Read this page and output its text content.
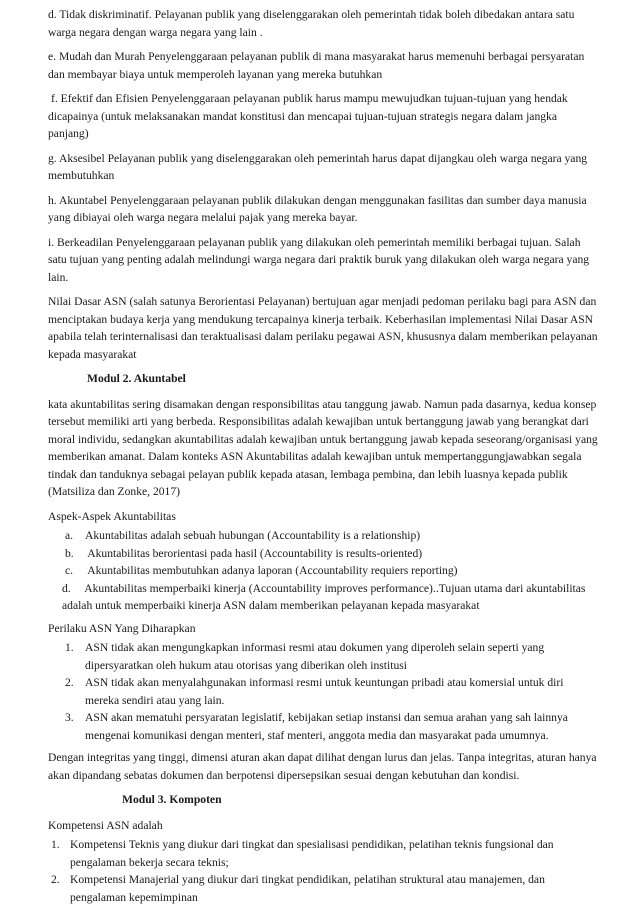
d. Tidak diskriminatif. Pelayanan publik yang diselenggarakan oleh pemerintah tidak boleh dibedakan antara satu warga negara dengan warga negara yang lain .

e. Mudah dan Murah Penyelenggaraan pelayanan publik di mana masyarakat harus memenuhi berbagai persyaratan dan membayar biaya untuk memperoleh layanan yang mereka butuhkan

f. Efektif dan Efisien Penyelenggaraan pelayanan publik harus mampu mewujudkan tujuan-tujuan yang hendak dicapainya (untuk melaksanakan mandat konstitusi dan mencapai tujuan-tujuan strategis negara dalam jangka panjang)

g. Aksesibel Pelayanan publik yang diselenggarakan oleh pemerintah harus dapat dijangkau oleh warga negara yang membutuhkan

h. Akuntabel Penyelenggaraan pelayanan publik dilakukan dengan menggunakan fasilitas dan sumber daya manusia yang dibiayai oleh warga negara melalui pajak yang mereka bayar.

i. Berkeadilan Penyelenggaraan pelayanan publik yang dilakukan oleh pemerintah memiliki berbagai tujuan. Salah satu tujuan yang penting adalah melindungi warga negara dari praktik buruk yang dilakukan oleh warga negara yang lain.

Nilai Dasar ASN (salah satunya Berorientasi Pelayanan) bertujuan agar menjadi pedoman perilaku bagi para ASN dan menciptakan budaya kerja yang mendukung tercapainya kinerja terbaik. Keberhasilan implementasi Nilai Dasar ASN apabila telah terinternalisasi dan teraktualisasi dalam perilaku pegawai ASN, khususnya dalam memberikan pelayanan kepada masyarakat

Modul 2. Akuntabel

kata akuntabilitas sering disamakan dengan responsibilitas atau tanggung jawab. Namun pada dasarnya, kedua konsep tersebut memiliki arti yang berbeda. Responsibilitas adalah kewajiban untuk bertanggung jawab yang berangkat dari moral individu, sedangkan akuntabilitas adalah kewajiban untuk bertanggung jawab kepada seseorang/organisasi yang memberikan amanat. Dalam konteks ASN Akuntabilitas adalah kewajiban untuk mempertanggungjawabkan segala tindak dan tanduknya sebagai pelayan publik kepada atasan, lembaga pembina, dan lebih luasnya kepada publik (Matsiliza dan Zonke, 2017)

Aspek-Aspek Akuntabilitas

a. Akuntabilitas adalah sebuah hubungan (Accountability is a relationship)
b. Akuntabilitas berorientasi pada hasil (Accountability is results-oriented)
c. Akuntabilitas membutuhkan adanya laporan (Accountability requiers reporting)
d. Akuntabilitas memperbaiki kinerja (Accountability improves performance)..Tujuan utama dari akuntabilitas adalah untuk memperbaiki kinerja ASN dalam memberikan pelayanan kepada masyarakat

Perilaku ASN Yang Diharapkan

1. ASN tidak akan mengungkapkan informasi resmi atau dokumen yang diperoleh selain seperti yang dipersyaratkan oleh hukum atau otorisas yang diberikan oleh institusi
2. ASN tidak akan menyalahgunakan informasi resmi untuk keuntungan pribadi atau komersial untuk diri mereka sendiri atau yang lain.
3. ASN akan mematuhi persyaratan legislatif, kebijakan setiap instansi dan semua arahan yang sah lainnya mengenai komunikasi dengan menteri, staf menteri, anggota media dan masyarakat pada umumnya.

Dengan integritas yang tinggi, dimensi aturan akan dapat dilihat dengan lurus dan jelas. Tanpa integritas, aturan hanya akan dipandang sebatas dokumen dan berpotensi dipersepsikan sesuai dengan kebutuhan dan kondisi.

Modul 3. Kompoten

Kompetensi ASN adalah

1. Kompetensi Teknis yang diukur dari tingkat dan spesialisasi pendidikan, pelatihan teknis fungsional dan pengalaman bekerja secara teknis;
2. Kompetensi Manajerial yang diukur dari tingkat pendidikan, pelatihan struktural atau manajemen, dan pengalaman kepemimpinan
